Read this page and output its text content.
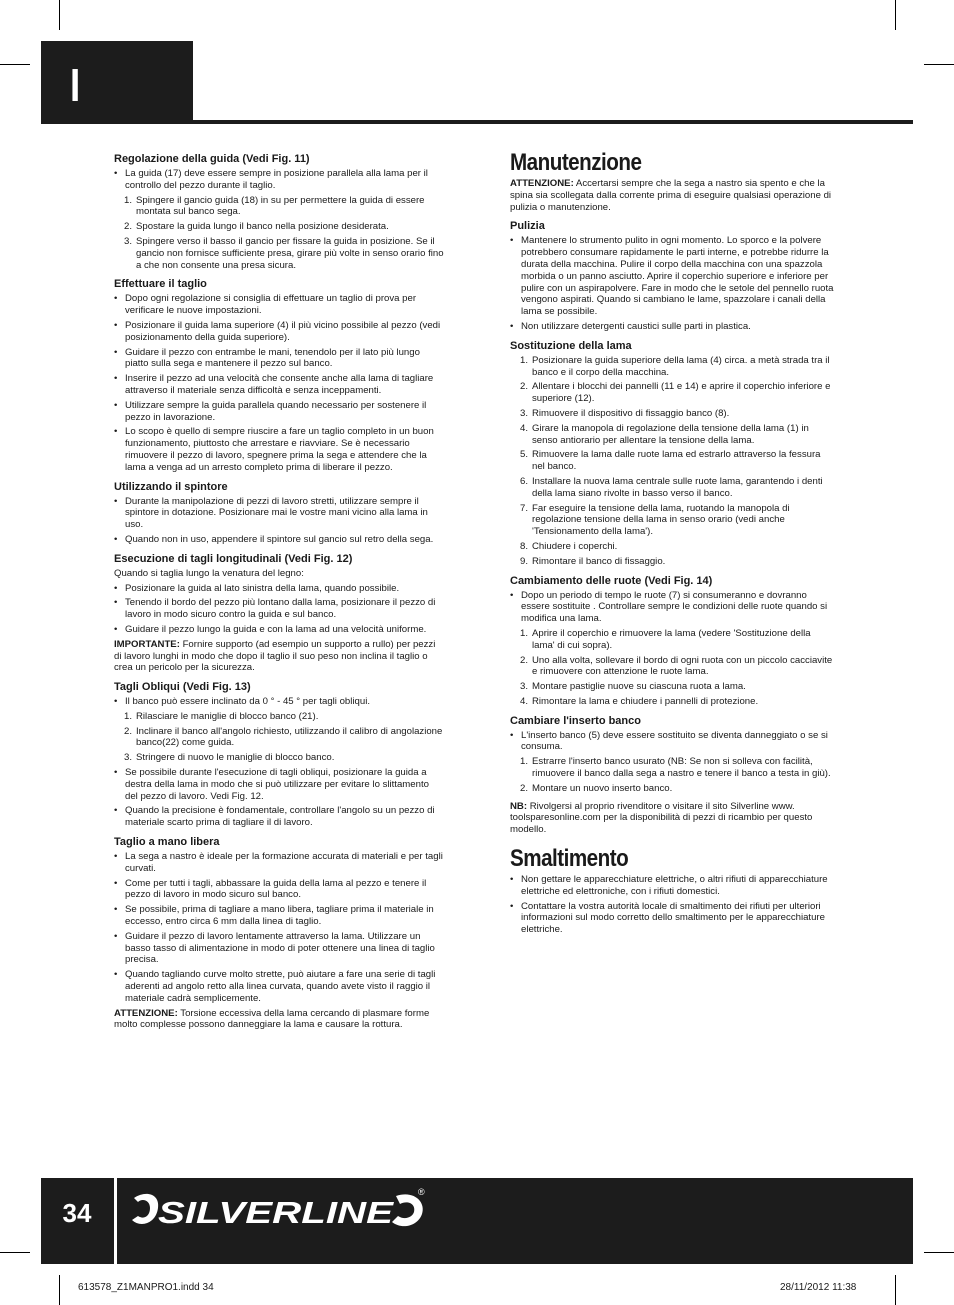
I
Regolazione della guida (Vedi Fig. 11)
• La guida (17) deve essere sempre in posizione parallela alla lama per il controllo del pezzo durante il taglio.
1. Spingere il gancio guida (18) in su per permettere la guida di essere montata sul banco sega.
2. Spostare la guida lungo il banco nella posizione desiderata.
3. Spingere verso il basso il gancio per fissare la guida in posizione. Se il gancio non fornisce sufficiente presa, girare più volte in senso orario fino a che non consente una presa sicura.
Effettuare il taglio
• Dopo ogni regolazione si consiglia di effettuare un taglio di prova per verificare le nuove impostazioni.
• Posizionare il guida lama superiore (4) il più vicino possibile al pezzo (vedi posizionamento della guida superiore).
• Guidare il pezzo con entrambe le mani, tenendolo per il lato più lungo piatto sulla sega e mantenere il pezzo sul banco.
• Inserire il pezzo ad una velocità che consente anche alla lama di tagliare attraverso il materiale senza difficoltà e senza inceppamenti.
• Utilizzare sempre la guida parallela quando necessario per sostenere il pezzo in lavorazione.
• Lo scopo è quello di sempre riuscire a fare un taglio completo in un buon funzionamento, piuttosto che arrestare e riavviare. Se è necessario rimuovere il pezzo di lavoro, spegnere prima la sega e attendere che la lama a venga ad un arresto completo prima di liberare il pezzo.
Utilizzando il spintore
• Durante la manipolazione di pezzi di lavoro stretti, utilizzare sempre il spintore in dotazione. Posizionare mai le vostre mani vicino alla lama in uso.
• Quando non in uso, appendere il spintore sul gancio sul retro della sega.
Esecuzione di tagli longitudinali (Vedi Fig. 12)
Quando si taglia lungo la venatura del legno:
• Posizionare la guida al lato sinistra della lama, quando possibile.
• Tenendo il bordo del pezzo più lontano dalla lama, posizionare il pezzo di lavoro in modo sicuro contro la guida e sul banco.
• Guidare il pezzo lungo la guida e con la lama ad una velocità uniforme.
IMPORTANTE: Fornire supporto (ad esempio un supporto a rullo) per pezzi di lavoro lunghi in modo che dopo il taglio il suo peso non inclina il taglio o crea un pericolo per la sicurezza.
Tagli Obliqui (Vedi Fig. 13)
• Il banco può essere inclinato da 0 ° - 45 ° per tagli obliqui.
1. Rilasciare le maniglie di blocco banco (21).
2. Inclinare il banco all'angolo richiesto, utilizzando il calibro di angolazione banco(22) come guida.
3. Stringere di nuovo le maniglie di blocco banco.
• Se possibile durante l'esecuzione di tagli obliqui, posizionare la guida a destra della lama in modo che si può utilizzare per evitare lo slittamento del pezzo di lavoro. Vedi Fig. 12.
• Quando la precisione è fondamentale, controllare l'angolo su un pezzo di materiale scarto prima di tagliare il di lavoro.
Taglio a mano libera
• La sega a nastro è ideale per la formazione accurata di materiali e per tagli curvati.
• Come per tutti i tagli, abbassare la guida della lama al pezzo e tenere il pezzo di lavoro in modo sicuro sul banco.
• Se possibile, prima di tagliare a mano libera, tagliare prima il materiale in eccesso, entro circa 6 mm dalla linea di taglio.
• Guidare il pezzo di lavoro lentamente attraverso la lama. Utilizzare un basso tasso di alimentazione in modo di poter ottenere una linea di taglio precisa.
• Quando tagliando curve molto strette, può aiutare a fare una serie di tagli aderenti ad angolo retto alla linea curvata, quando avete visto il raggio il materiale cadrà semplicemente.
ATTENZIONE: Torsione eccessiva della lama cercando di plasmare forme molto complesse possono danneggiare la lama e causare la rottura.
Manutenzione
ATTENZIONE: Accertarsi sempre che la sega a nastro sia spento e che la spina sia scollegata dalla corrente prima di eseguire qualsiasi operazione di pulizia o manutenzione.
Pulizia
• Mantenere lo strumento pulito in ogni momento. Lo sporco e la polvere potrebbero consumare rapidamente le parti interne, e potrebbe ridurre la durata della macchina. Pulire il corpo della macchina con una spazzola morbida o un panno asciutto. Aprire il coperchio superiore e inferiore per pulire con un aspirapolvere. Fare in modo che le setole del pennello ruota vengono aspirati. Quando si cambiano le lame, spazzolare i canali della lama se possibile.
• Non utilizzare detergenti caustici sulle parti in plastica.
Sostituzione della lama
1. Posizionare la guida superiore della lama (4) circa. a metà strada tra il banco e il corpo della macchina.
2. Allentare i blocchi dei pannelli (11 e 14) e aprire il coperchio inferiore e superiore (12).
3. Rimuovere il dispositivo di fissaggio banco (8).
4. Girare la manopola di regolazione della tensione della lama (1) in senso antiorario per allentare la tensione della lama.
5. Rimuovere la lama dalle ruote lama ed estrarlo attraverso la fessura nel banco.
6. Installare la nuova lama centrale sulle ruote lama, garantendo i denti della lama siano rivolte in basso verso il banco.
7. Far eseguire la tensione della lama, ruotando la manopola di regolazione tensione della lama in senso orario (vedi anche 'Tensionamento della lama').
8. Chiudere i coperchi.
9. Rimontare il banco di fissaggio.
Cambiamento delle ruote (Vedi Fig. 14)
• Dopo un periodo di tempo le ruote (7) si consumeranno e dovranno essere sostituite . Controllare sempre le condizioni delle ruote quando si modifica una lama.
1. Aprire il coperchio e rimuovere la lama (vedere 'Sostituzione della lama' di cui sopra).
2. Uno alla volta, sollevare il bordo di ogni ruota con un piccolo cacciavite e rimuovere con attenzione le ruote lama.
3. Montare pastiglie nuove su ciascuna ruota a lama.
4. Rimontare la lama e chiudere i pannelli di protezione.
Cambiare l'inserto banco
• L'inserto banco (5) deve essere sostituito se diventa danneggiato o se si consuma.
1. Estrarre l'inserto banco usurato (NB: Se non si solleva con facilità, rimuovere il banco dalla sega a nastro e tenere il banco a testa in giù).
2. Montare un nuovo inserto banco.
NB: Rivolgersi al proprio rivenditore o visitare il sito Silverline www. toolsparesonline.com per la disponibilità di pezzi di ricambio per questo modello.
Smaltimento
• Non gettare le apparecchiature elettriche, o altri rifiuti di apparecchiature elettriche ed elettroniche, con i rifiuti domestici.
• Contattare la vostra autorità locale di smaltimento dei rifiuti per ulteriori informazioni sul modo corretto dello smaltimento per le apparecchiature elettriche.
34	SILVERLINE
®
613578_Z1MANPRO1.indd 34	28/11/2012 11:38
